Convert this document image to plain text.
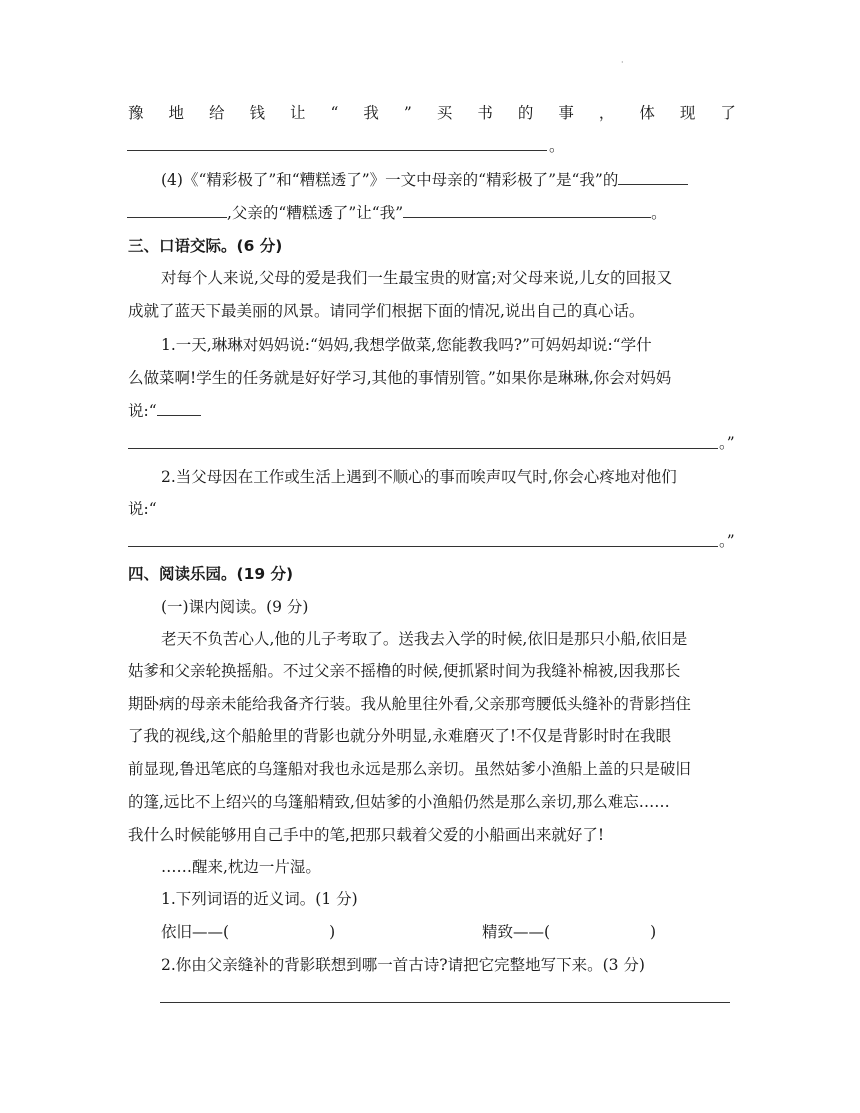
·
豫 地 给 钱 让 “ 我 ” 买 书 的 事 ， 体 现 了
。
(4)《“精彩极了”和“糟糕透了”》一文中母亲的“精彩极了”是“我”的
,父亲的“糟糕透了”让“我”	。
三、口语交际。(6 分)
对每个人来说,父母的爱是我们一生最宝贵的财富;对父母来说,儿女的回报又
成就了蓝天下最美丽的风景。请同学们根据下面的情况,说出自己的真心话。
1.一天,琳琳对妈妈说:“妈妈,我想学做菜,您能教我吗?”可妈妈却说:“学什
么做菜啊!学生的任务就是好好学习,其他的事情别管。”如果你是琳琳,你会对妈妈
说:“
。”
2.当父母因在工作或生活上遇到不顺心的事而唉声叹气时,你会心疼地对他们
说:“
。”
四、阅读乐园。(19 分)
(一)课内阅读。(9 分)
老天不负苦心人,他的儿子考取了。送我去入学的时候,依旧是那只小船,依旧是
姑爹和父亲轮换摇船。不过父亲不摇橹的时候,便抓紧时间为我缝补棉被,因我那长
期卧病的母亲未能给我备齐行装。我从舱里往外看,父亲那弯腰低头缝补的背影挡住
了我的视线,这个船舱里的背影也就分外明显,永难磨灭了!不仅是背影时时在我眼
前显现,鲁迅笔底的乌篷船对我也永远是那么亲切。虽然姑爹小渔船上盖的只是破旧
的篷,远比不上绍兴的乌篷船精致,但姑爹的小渔船仍然是那么亲切,那么难忘……
我什么时候能够用自己手中的笔,把那只载着父爱的小船画出来就好了!
……醒来,枕边一片湿。
1.下列词语的近义词。(1 分)
依旧——(	)	精致——(	)
2.你由父亲缝补的背影联想到哪一首古诗?请把它完整地写下来。(3 分)
